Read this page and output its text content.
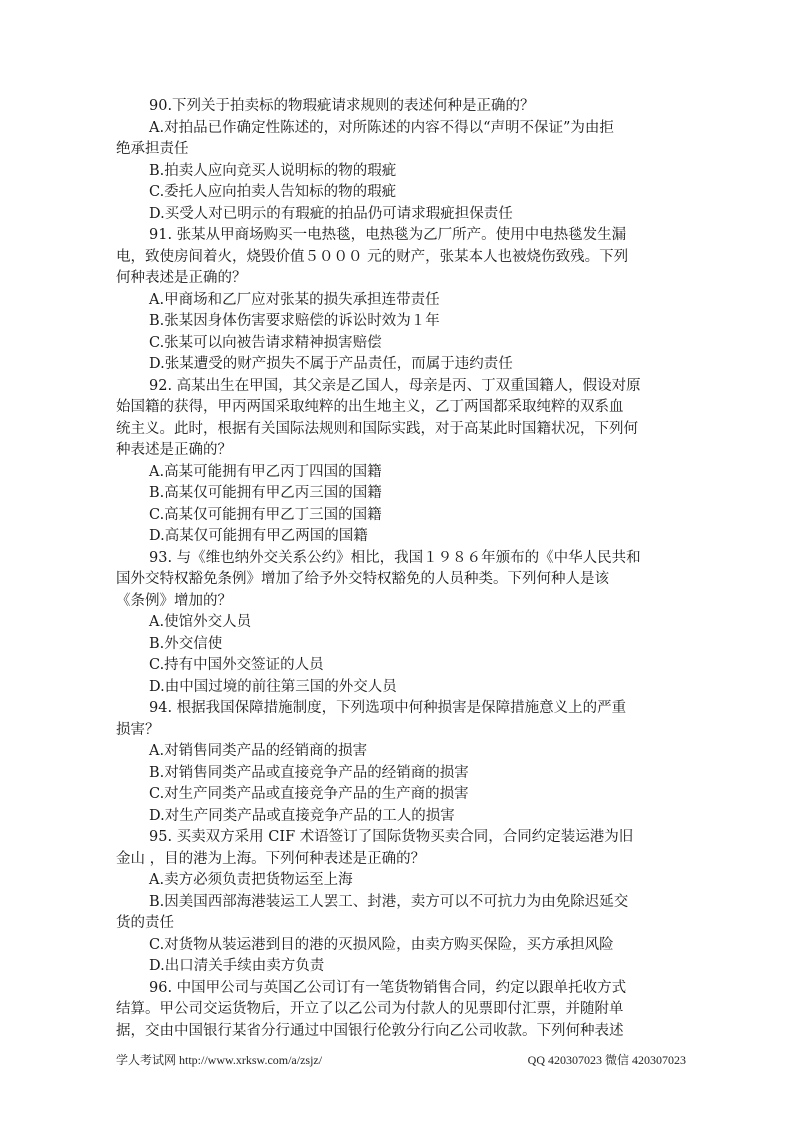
90.下列关于拍卖标的物瑕疵请求规则的表述何种是正确的？
A.对拍品已作确定性陈述的，对所陈述的内容不得以“声明不保证”为由拒
绝承担责任
B.拍卖人应向竞买人说明标的物的瑕疵
C.委托人应向拍卖人告知标的物的瑕疵
D.买受人对已明示的有瑕疵的拍品仍可请求瑕疵担保责任
91. 张某从甲商场购买一电热毯，电热毯为乙厂所产。使用中电热毯发生漏
电，致使房间着火，烧毁价值５０００ 元的财产，张某本人也被烧伤致残。下列
何种表述是正确的？
A.甲商场和乙厂应对张某的损失承担连带责任
B.张某因身体伤害要求赔偿的诉讼时效为１年
C.张某可以向被告请求精神损害赔偿
D.张某遭受的财产损失不属于产品责任，而属于违约责任
92. 高某出生在甲国，其父亲是乙国人，母亲是丙、丁双重国籍人，假设对原
始国籍的获得，甲丙两国采取纯粹的出生地主义，乙丁两国都采取纯粹的双系血
统主义。此时，根据有关国际法规则和国际实践，对于高某此时国籍状况，下列何
种表述是正确的？
A.高某可能拥有甲乙丙丁四国的国籍
B.高某仅可能拥有甲乙丙三国的国籍
C.高某仅可能拥有甲乙丁三国的国籍
D.高某仅可能拥有甲乙两国的国籍
93. 与《维也纳外交关系公约》相比，我国１９８６年颁布的《中华人民共和
国外交特权豁免条例》增加了给予外交特权豁免的人员种类。下列何种人是该
《条例》增加的？
A.使馆外交人员
B.外交信使
C.持有中国外交签证的人员
D.由中国过境的前往第三国的外交人员
94. 根据我国保障措施制度，下列选项中何种损害是保障措施意义上的严重
损害？
A.对销售同类产品的经销商的损害
B.对销售同类产品或直接竞争产品的经销商的损害
C.对生产同类产品或直接竞争产品的生产商的损害
D.对生产同类产品或直接竞争产品的工人的损害
95. 买卖双方采用 CIF 术语签订了国际货物买卖合同，合同约定装运港为旧
金山 ，目的港为上海。下列何种表述是正确的？
A.卖方必须负责把货物运至上海
B.因美国西部海港装运工人罢工、封港，卖方可以不可抗力为由免除迟延交
货的责任
C.对货物从装运港到目的港的灭损风险，由卖方购买保险，买方承担风险
D.出口清关手续由卖方负责
96. 中国甲公司与英国乙公司订有一笔货物销售合同，约定以跟单托收方式
结算。甲公司交运货物后，开立了以乙公司为付款人的见票即付汇票，并随附单
据，交由中国银行某省分行通过中国银行伦敦分行向乙公司收款。下列何种表述
学人考试网 http://www.xrksw.com/a/zsjz/	QQ 420307023 微信 420307023
